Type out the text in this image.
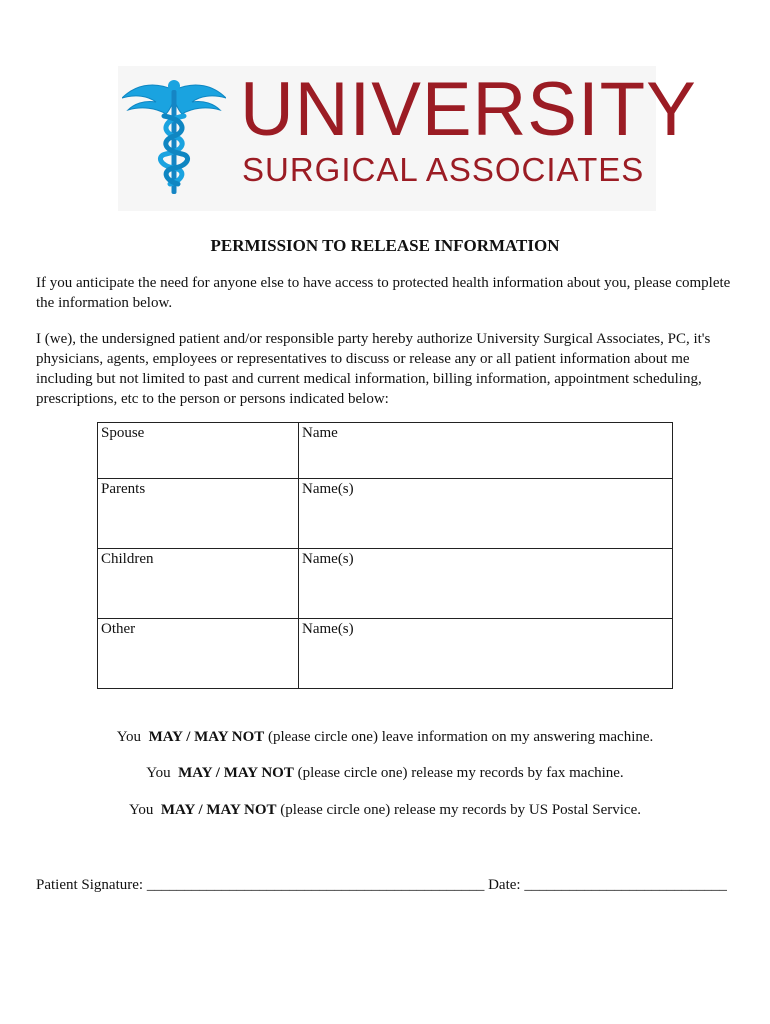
UNIVERSITY
SURGICAL ASSOCIATES
PERMISSION TO RELEASE INFORMATION

If you anticipate the need for anyone else to have access to protected health information about you, please complete the information below.

I (we), the undersigned patient and/or responsible party hereby authorize University Surgical Associates, PC, it's physicians, agents, employees or representatives to discuss or release any or all patient information about me including but not limited to past and current medical information, billing information, appointment scheduling, prescriptions, etc to the person or persons indicated below:

Spouse	Name
Parents	Name(s)
Children	Name(s)
Other	Name(s)

You MAY / MAY NOT (please circle one) leave information on my answering machine.

You MAY / MAY NOT (please circle one) release my records by fax machine.

You MAY / MAY NOT (please circle one) release my records by US Postal Service.

Patient Signature: _____________________________________________ Date: ___________________________
